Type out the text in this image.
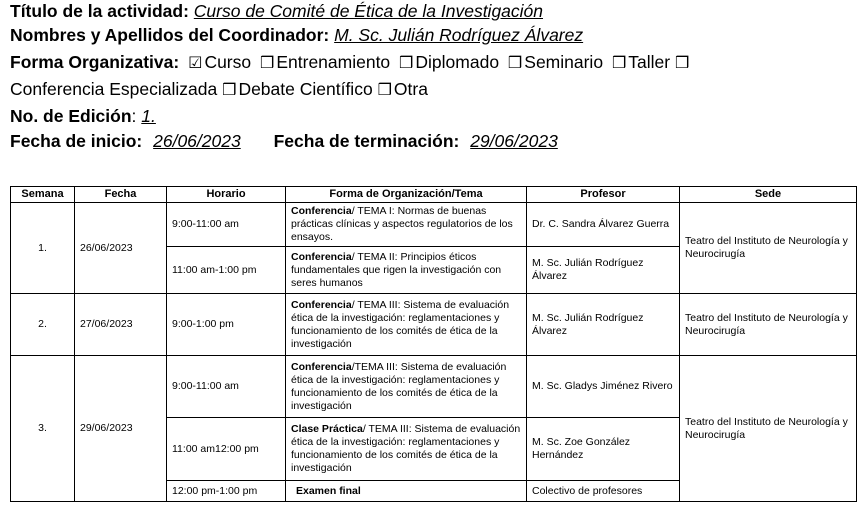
Título de la actividad: Curso de Comité de Ética de la Investigación
Nombres y Apellidos del Coordinador: M. Sc. Julián Rodríguez Álvarez
Forma Organizativa: ☑ Curso ❒ Entrenamiento ❒ Diplomado ❒ Seminario ❒ Taller ❒
Conferencia Especializada ❒ Debate Científico ❒ Otra
No. de Edición: 1.
Fecha de inicio: 26/06/2023 Fecha de terminación: 29/06/2023
Semana	Fecha	Horario	Forma de Organización/Tema	Profesor	Sede
1.	26/06/2023	9:00-11:00 am	Conferencia/ TEMA I: Normas de buenas prácticas clínicas y aspectos regulatorios de los ensayos.	Dr. C. Sandra Álvarez Guerra	Teatro del Instituto de Neurología y Neurocirugía
		11:00 am-1:00 pm	Conferencia/ TEMA II: Principios éticos fundamentales que rigen la investigación con seres humanos	M. Sc. Julián Rodríguez Álvarez	
2.	27/06/2023	9:00-1:00 pm	Conferencia/ TEMA III: Sistema de evaluación ética de la investigación: reglamentaciones y funcionamiento de los comités de ética de la investigación	M. Sc. Julián Rodríguez Álvarez	Teatro del Instituto de Neurología y Neurocirugía
3.	29/06/2023	9:00-11:00 am	Conferencia/TEMA III: Sistema de evaluación ética de la investigación: reglamentaciones y funcionamiento de los comités de ética de la investigación	M. Sc. Gladys Jiménez Rivero	Teatro del Instituto de Neurología y Neurocirugía
		11:00 am12:00 pm	Clase Práctica/ TEMA III: Sistema de evaluación ética de la investigación: reglamentaciones y funcionamiento de los comités de ética de la investigación	M. Sc. Zoe González Hernández	
		12:00 pm-1:00 pm	Examen final	Colectivo de profesores	
